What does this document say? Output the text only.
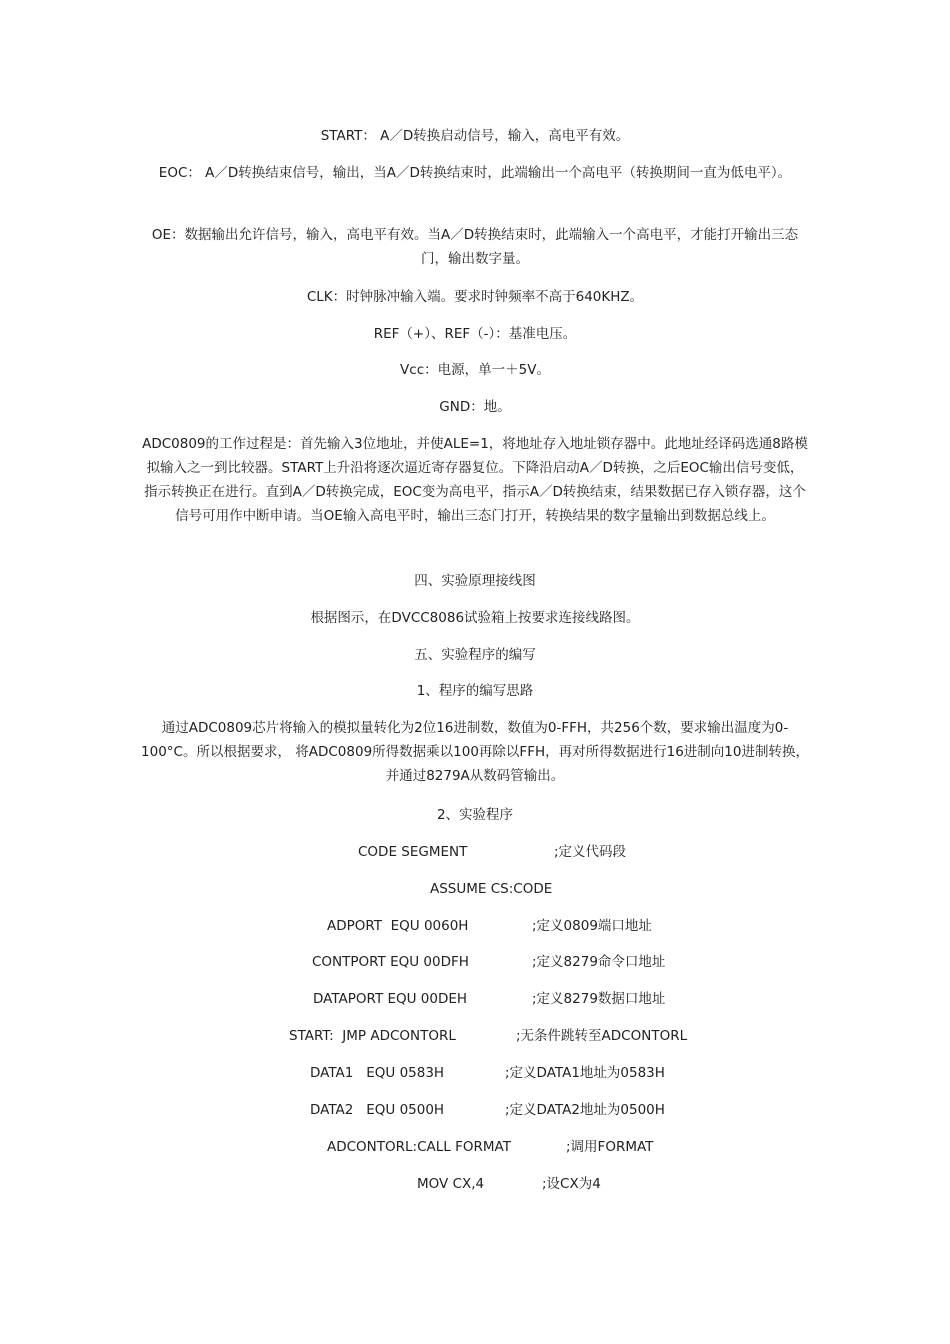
START： A／D转换启动信号，输入，高电平有效。

EOC： A／D转换结束信号，输出，当A／D转换结束时，此端输出一个高电平（转换期间一直为低电平）。

OE：数据输出允许信号，输入，高电平有效。当A／D转换结束时，此端输入一个高电平，才能打开输出三态门，输出数字量。

CLK：时钟脉冲输入端。要求时钟频率不高于640KHZ。

REF（+）、REF（-）：基准电压。

Vcc：电源，单一＋5V。

GND：地。

ADC0809的工作过程是：首先输入3位地址，并使ALE=1，将地址存入地址锁存器中。此地址经译码选通8路模拟输入之一到比较器。START上升沿将逐次逼近寄存器复位。下降沿启动A／D转换，之后EOC输出信号变低，指示转换正在进行。直到A／D转换完成，EOC变为高电平，指示A／D转换结束，结果数据已存入锁存器，这个信号可用作中断申请。当OE输入高电平时，输出三态门打开，转换结果的数字量输出到数据总线上。

四、实验原理接线图

根据图示，在DVCC8086试验箱上按要求连接线路图。

五、实验程序的编写

1、程序的编写思路

通过ADC0809芯片将输入的模拟量转化为2位16进制数，数值为0-FFH，共256个数，要求输出温度为0-100°C。所以根据要求， 将ADC0809所得数据乘以100再除以FFH，再对所得数据进行16进制向10进制转换，并通过8279A从数码管输出。

2、实验程序

CODE SEGMENT

	;定义代码段

ASSUME CS:CODE

ADPORT  EQU 0060H

	;定义0809端口地址

CONTPORT EQU 00DFH

	;定义8279命令口地址

DATAPORT EQU 00DEH

	;定义8279数据口地址

START:  JMP ADCONTORL

	;无条件跳转至ADCONTORL

DATA1   EQU 0583H

	;定义DATA1地址为0583H

DATA2   EQU 0500H

	;定义DATA2地址为0500H

ADCONTORL:CALL FORMAT

	;调用FORMAT

MOV CX,4

	;设CX为4
